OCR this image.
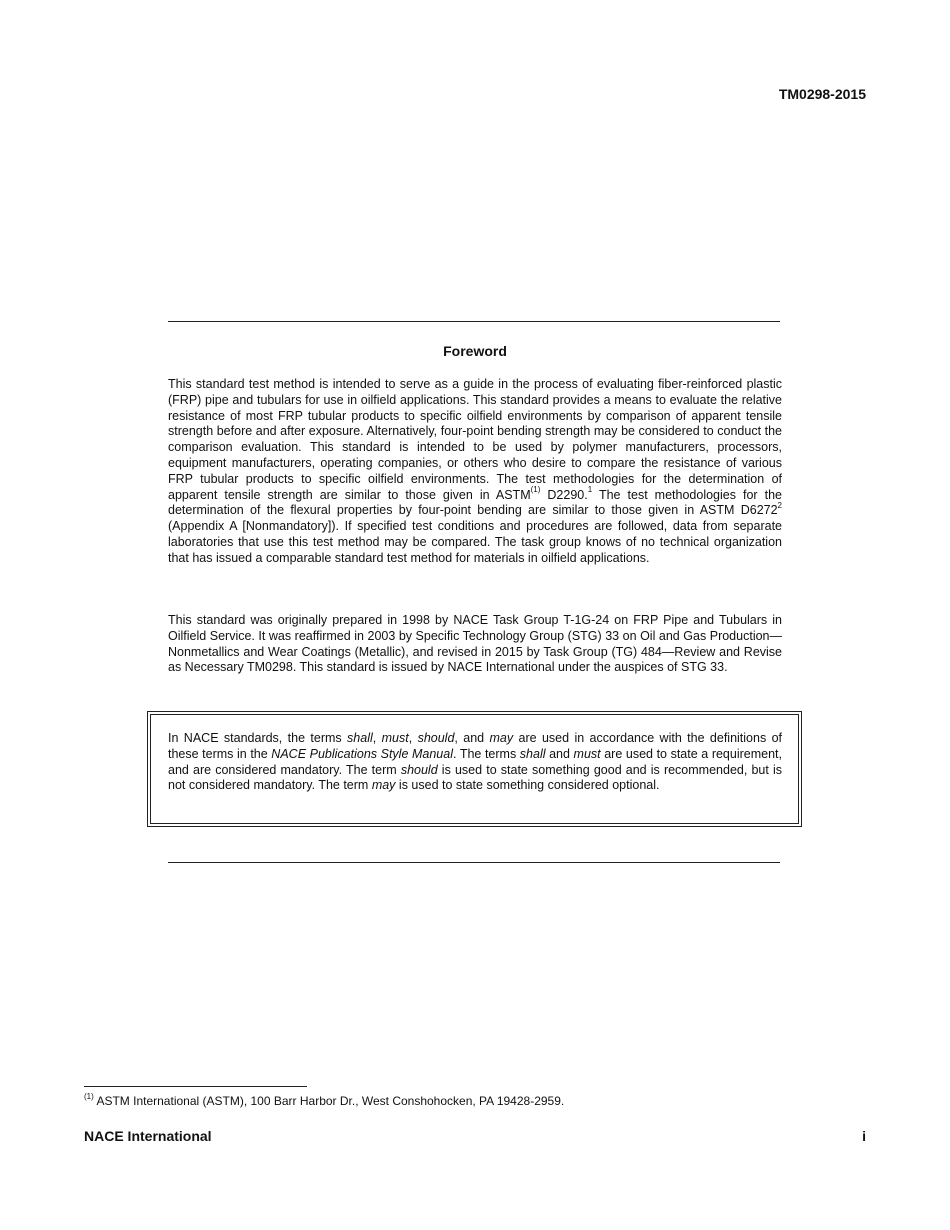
TM0298-2015
Foreword
This standard test method is intended to serve as a guide in the process of evaluating fiber-reinforced plastic (FRP) pipe and tubulars for use in oilfield applications. This standard provides a means to evaluate the relative resistance of most FRP tubular products to specific oilfield environments by comparison of apparent tensile strength before and after exposure. Alternatively, four-point bending strength may be considered to conduct the comparison evaluation. This standard is intended to be used by polymer manufacturers, processors, equipment manufacturers, operating companies, or others who desire to compare the resistance of various FRP tubular products to specific oilfield environments. The test methodologies for the determination of apparent tensile strength are similar to those given in ASTM$^{(1)}$ D2290.$^1$ The test methodologies for the determination of the flexural properties by four-point bending are similar to those given in ASTM D6272$^2$ (Appendix A [Nonmandatory]). If specified test conditions and procedures are followed, data from separate laboratories that use this test method may be compared. The task group knows of no technical organization that has issued a comparable standard test method for materials in oilfield applications.
This standard was originally prepared in 1998 by NACE Task Group T-1G-24 on FRP Pipe and Tubulars in Oilfield Service. It was reaffirmed in 2003 by Specific Technology Group (STG) 33 on Oil and Gas Production—Nonmetallics and Wear Coatings (Metallic), and revised in 2015 by Task Group (TG) 484—Review and Revise as Necessary TM0298. This standard is issued by NACE International under the auspices of STG 33.
In NACE standards, the terms shall, must, should, and may are used in accordance with the definitions of these terms in the NACE Publications Style Manual. The terms shall and must are used to state a requirement, and are considered mandatory. The term should is used to state something good and is recommended, but is not considered mandatory. The term may is used to state something considered optional.
$^{(1)}$ ASTM International (ASTM), 100 Barr Harbor Dr., West Conshohocken, PA 19428-2959.
NACE International	i
